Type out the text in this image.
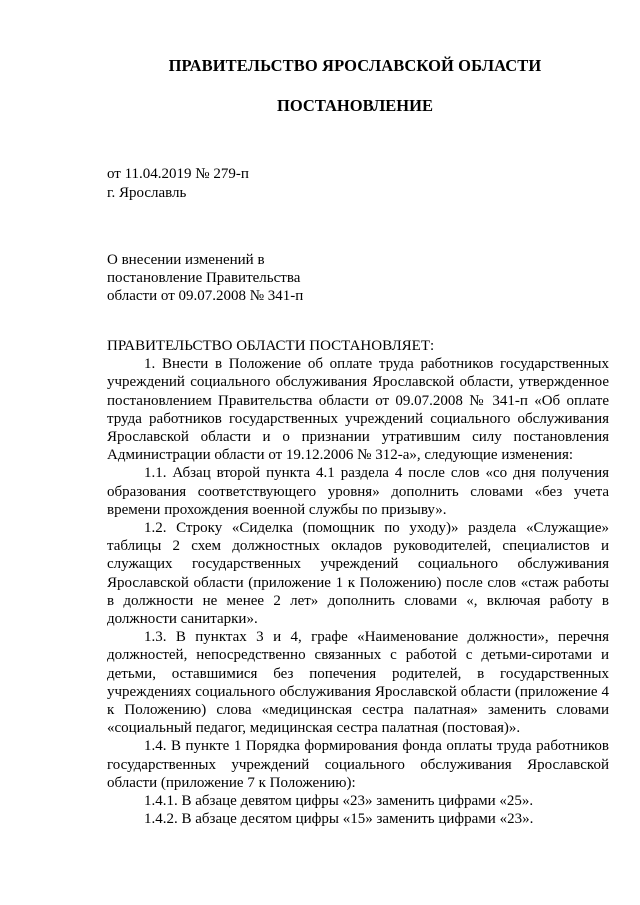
ПРАВИТЕЛЬСТВО ЯРОСЛАВСКОЙ ОБЛАСТИ
ПОСТАНОВЛЕНИЕ
от 11.04.2019 № 279-п
г. Ярославль
О внесении изменений в
постановление Правительства
области от 09.07.2008 № 341-п

ПРАВИТЕЛЬСТВО ОБЛАСТИ ПОСТАНОВЛЯЕТ:

1. Внести в Положение об оплате труда работников государственных учреждений социального обслуживания Ярославской области, утвержденное постановлением Правительства области от 09.07.2008 № 341-п «Об оплате труда работников государственных учреждений социального обслуживания Ярославской области и о признании утратившим силу постановления Администрации области от 19.12.2006 № 312-а», следующие изменения:

1.1. Абзац второй пункта 4.1 раздела 4 после слов «со дня получения образования соответствующего уровня» дополнить словами «без учета времени прохождения военной службы по призыву».

1.2. Строку «Сиделка (помощник по уходу)» раздела «Служащие» таблицы 2 схем должностных окладов руководителей, специалистов и служащих государственных учреждений социального обслуживания Ярославской области (приложение 1 к Положению) после слов «стаж работы в должности не менее 2 лет» дополнить словами «, включая работу в должности санитарки».

1.3. В пунктах 3 и 4, графе «Наименование должности», перечня должностей, непосредственно связанных с работой с детьми-сиротами и детьми, оставшимися без попечения родителей, в государственных учреждениях социального обслуживания Ярославской области (приложение 4 к Положению) слова «медицинская сестра палатная» заменить словами «социальный педагог, медицинская сестра палатная (постовая)».

1.4. В пункте 1 Порядка формирования фонда оплаты труда работников государственных учреждений социального обслуживания Ярославской области (приложение 7 к Положению):

1.4.1. В абзаце девятом цифры «23» заменить цифрами «25».

1.4.2. В абзаце десятом цифры «15» заменить цифрами «23».
